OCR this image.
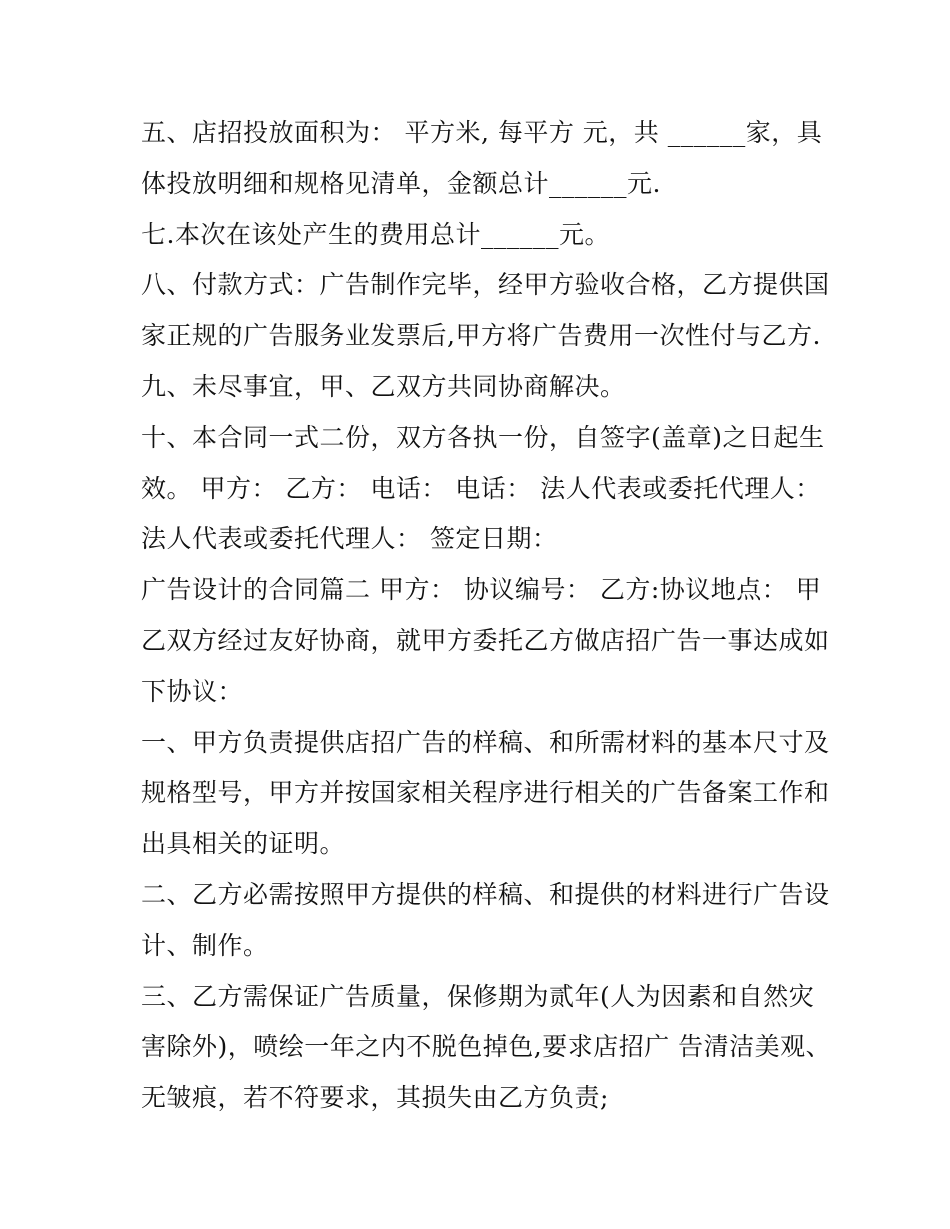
五、店招投放面积为： 平方米, 每平方 元，共 ______家，具

体投放明细和规格见清单，金额总计______元.

七.本次在该处产生的费用总计______元。

八、付款方式：广告制作完毕，经甲方验收合格，乙方提供国

家正规的广告服务业发票后,甲方将广告费用一次性付与乙方.

九、未尽事宜，甲、乙双方共同协商解决。

十、本合同一式二份，双方各执一份，自签字(盖章)之日起生

效。 甲方： 乙方： 电话： 电话： 法人代表或委托代理人：

法人代表或委托代理人： 签定日期：

广告设计的合同篇二 甲方： 协议编号： 乙方:协议地点： 甲

乙双方经过友好协商，就甲方委托乙方做店招广告一事达成如

下协议：

一、甲方负责提供店招广告的样稿、和所需材料的基本尺寸及

规格型号，甲方并按国家相关程序进行相关的广告备案工作和

出具相关的证明。

二、乙方必需按照甲方提供的样稿、和提供的材料进行广告设

计、制作。

三、乙方需保证广告质量，保修期为贰年(人为因素和自然灾

害除外)，喷绘一年之内不脱色掉色,要求店招广 告清洁美观、

无皱痕，若不符要求，其损失由乙方负责;
